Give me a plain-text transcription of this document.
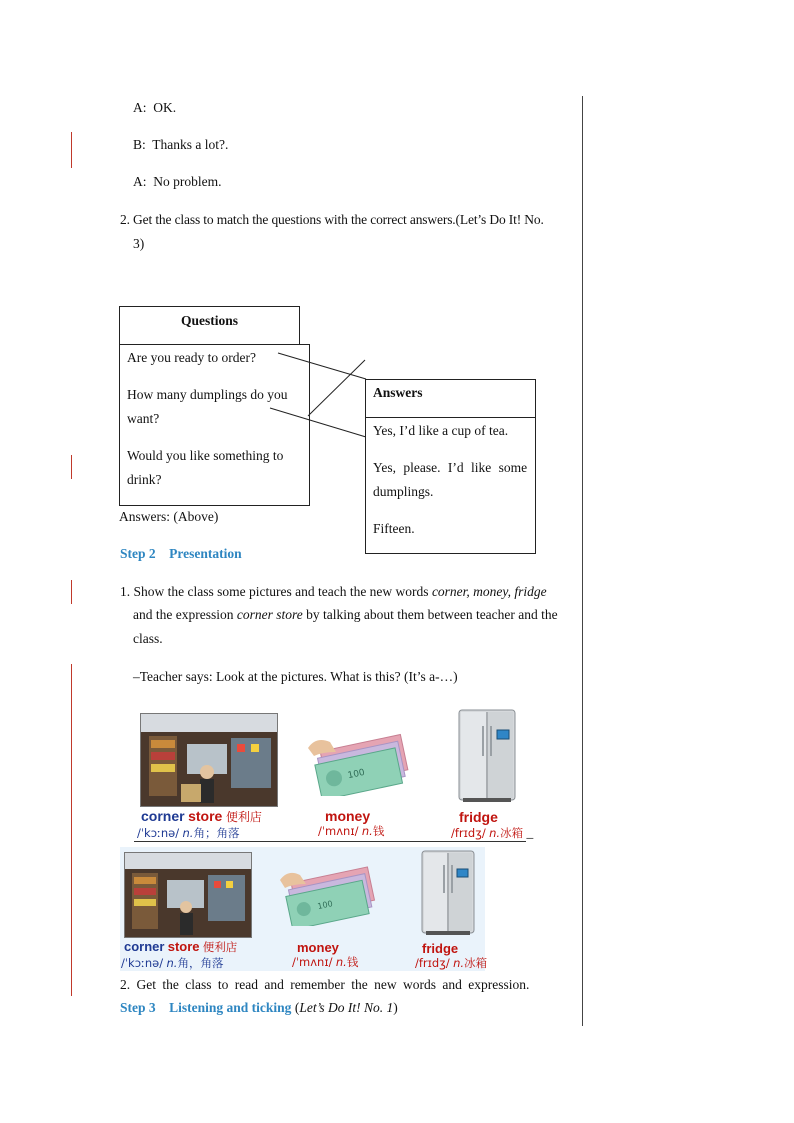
A: OK.
B: Thanks a lot?.
A: No problem.
2. Get the class to match the questions with the correct answers.(Let’s Do It! No.
3)
Questions
Are you ready to order?
How many dumplings do you
want?
Would you like something to
drink?
Answers
Yes, I’d like a cup of tea.
Yes, please. I’d like some
dumplings.
Fifteen.
Answers: (Above)
Step 2 Presentation
1. Show the class some pictures and teach the new words corner, money, fridge
and the expression corner store by talking about them between teacher and the
class.
–Teacher says: Look at the pictures. What is this? (It’s a-…)
100
corner store 便利店
/ˈkɔːnə/ n.角；角落
money
/ˈmʌnɪ/ n.钱
fridge
/frɪdʒ/ n.冰箱 _
100
corner store 便利店
/ˈkɔːnə/ n.角，角落
money
/ˈmʌnɪ/ n.钱
fridge
/frɪdʒ/ n.冰箱
2. Get the class to read and remember the new words and expression.
Step 3 Listening and ticking (Let’s Do It! No. 1)
